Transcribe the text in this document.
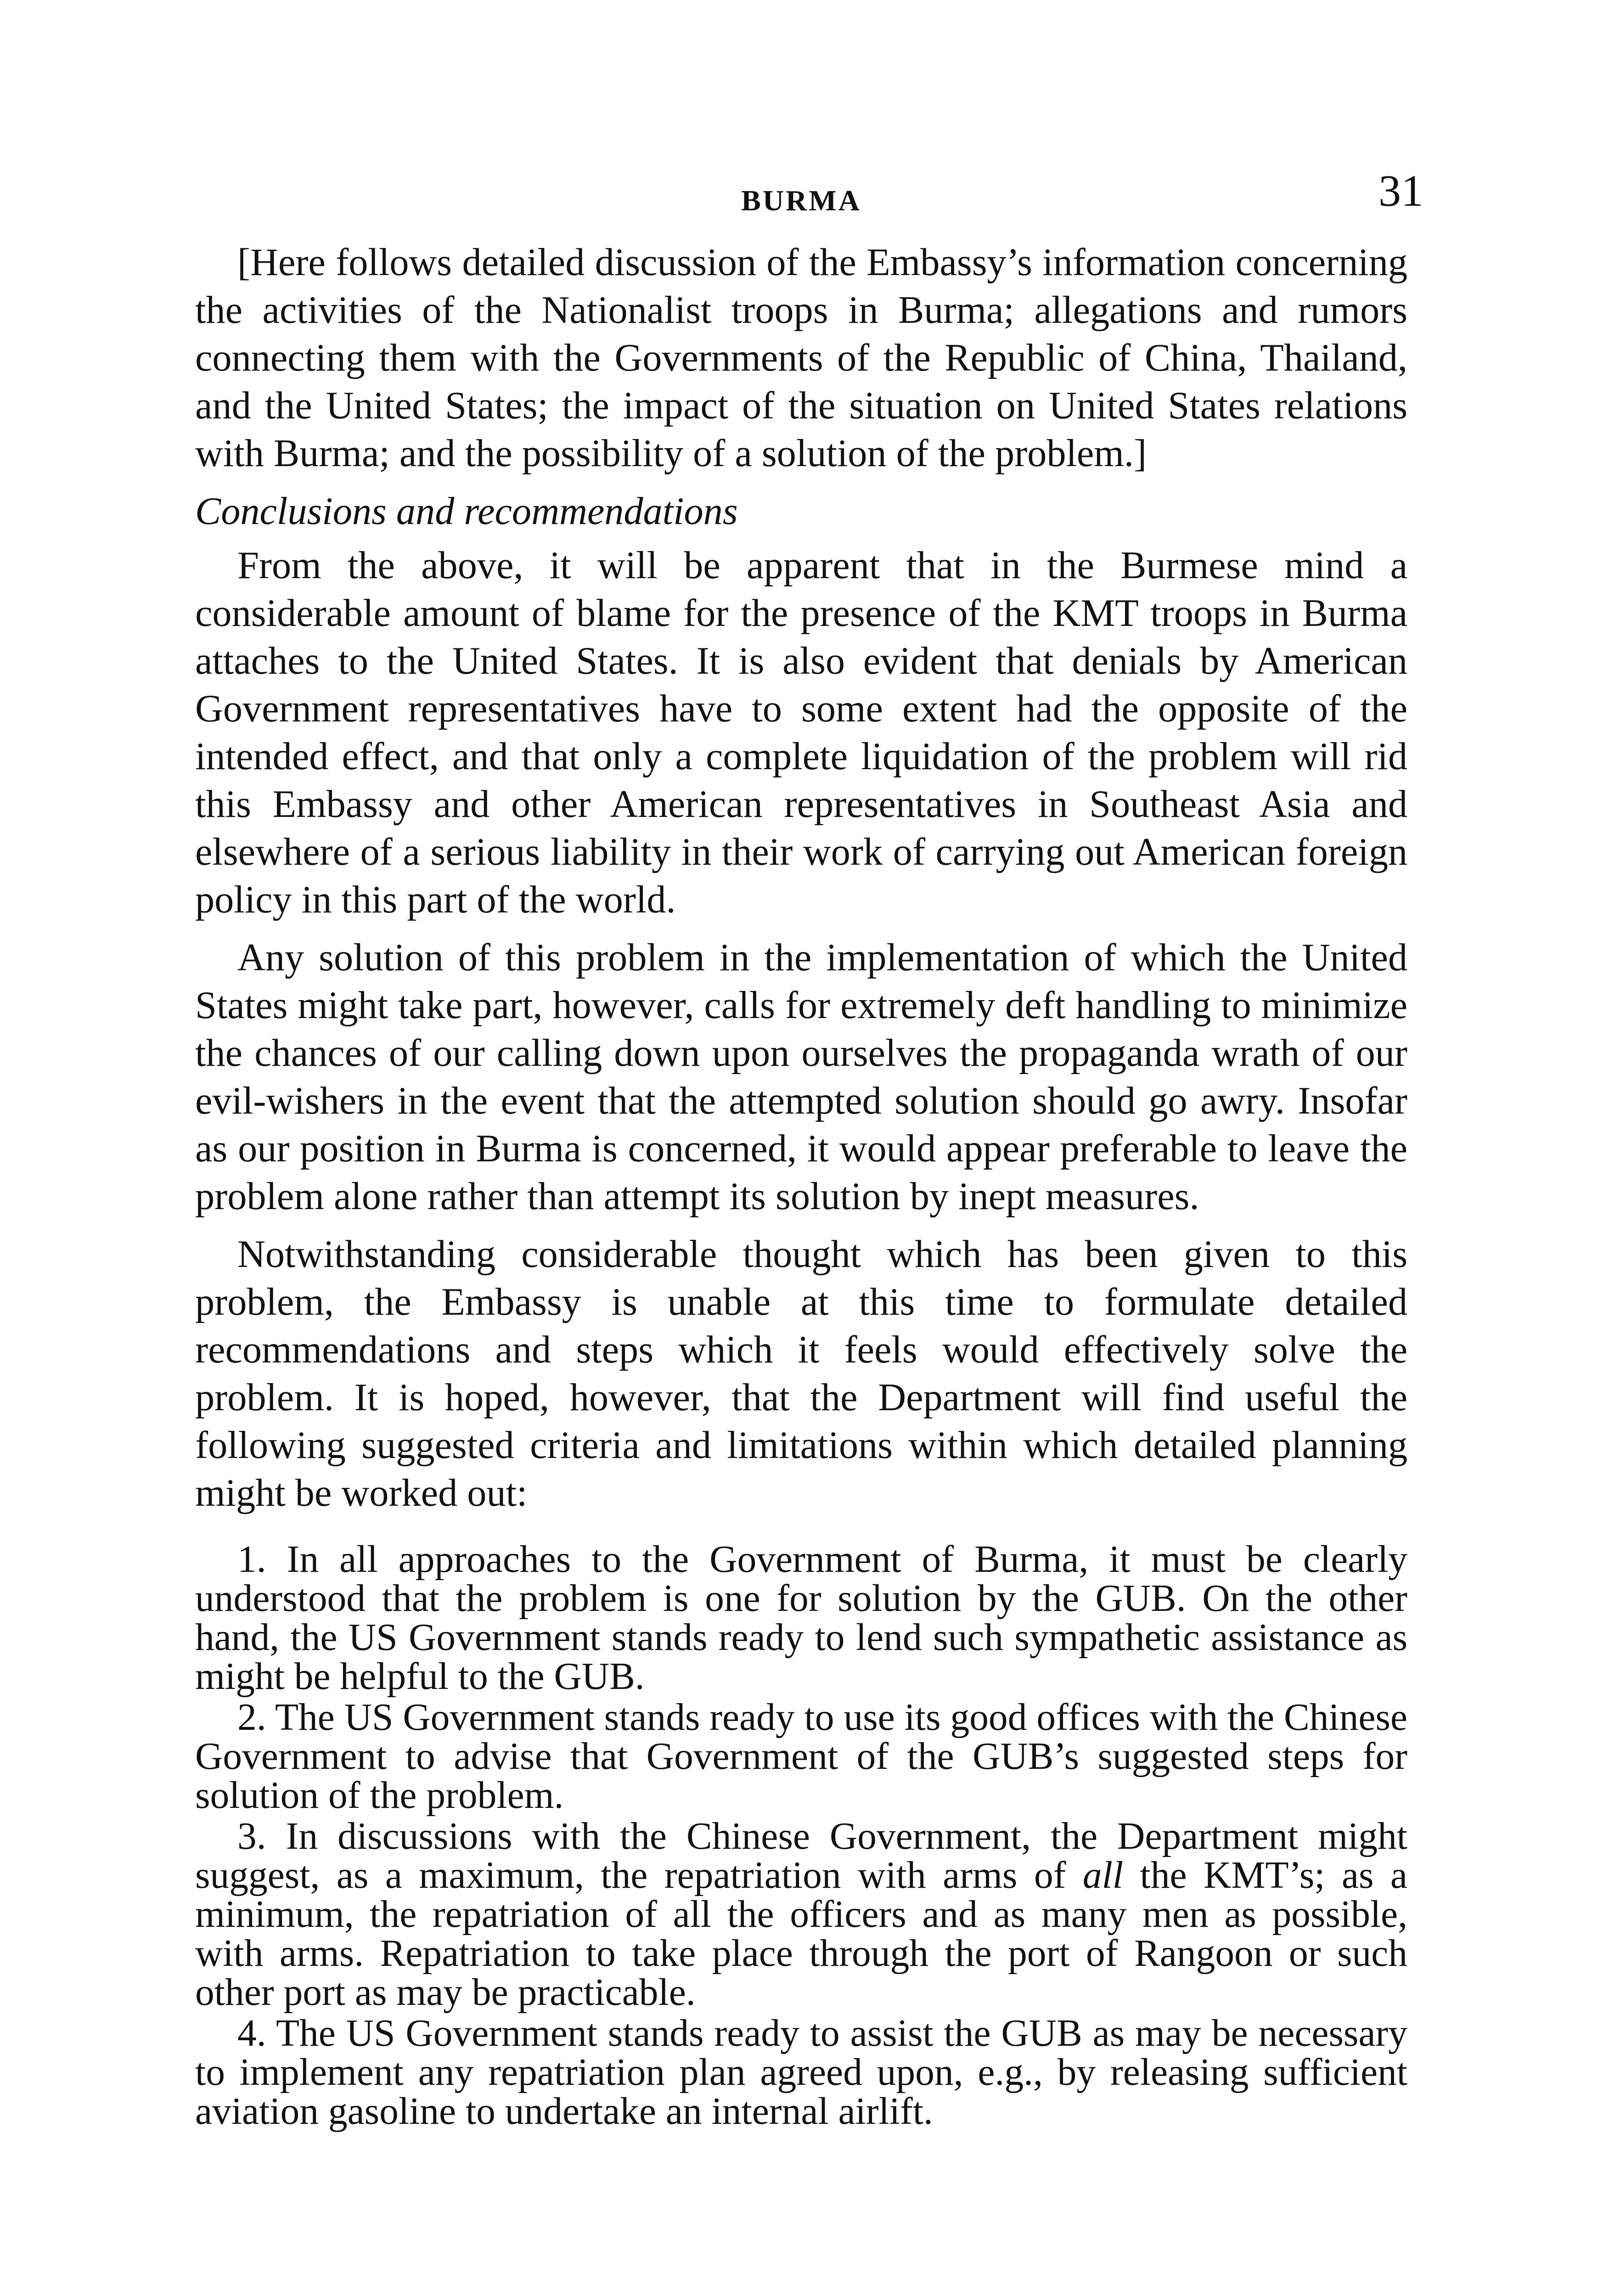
BURMA	31

[Here follows detailed discussion of the Embassy’s information concerning the activities of the Nationalist troops in Burma; allegations and rumors connecting them with the Governments of the Republic of China, Thailand, and the United States; the impact of the situation on United States relations with Burma; and the possibility of a solution of the problem.]

Conclusions and recommendations

From the above, it will be apparent that in the Burmese mind a considerable amount of blame for the presence of the KMT troops in Burma attaches to the United States. It is also evident that denials by American Government representatives have to some extent had the opposite of the intended effect, and that only a complete liquidation of the problem will rid this Embassy and other American representatives in Southeast Asia and elsewhere of a serious liability in their work of carrying out American foreign policy in this part of the world.

Any solution of this problem in the implementation of which the United States might take part, however, calls for extremely deft handling to minimize the chances of our calling down upon ourselves the propaganda wrath of our evil-wishers in the event that the attempted solution should go awry. Insofar as our position in Burma is concerned, it would appear preferable to leave the problem alone rather than attempt its solution by inept measures.

Notwithstanding considerable thought which has been given to this problem, the Embassy is unable at this time to formulate detailed recommendations and steps which it feels would effectively solve the problem. It is hoped, however, that the Department will find useful the following suggested criteria and limitations within which detailed planning might be worked out:

1. In all approaches to the Government of Burma, it must be clearly understood that the problem is one for solution by the GUB. On the other hand, the US Government stands ready to lend such sympathetic assistance as might be helpful to the GUB.

2. The US Government stands ready to use its good offices with the Chinese Government to advise that Government of the GUB’s suggested steps for solution of the problem.

3. In discussions with the Chinese Government, the Department might suggest, as a maximum, the repatriation with arms of all the KMT’s; as a minimum, the repatriation of all the officers and as many men as possible, with arms. Repatriation to take place through the port of Rangoon or such other port as may be practicable.

4. The US Government stands ready to assist the GUB as may be necessary to implement any repatriation plan agreed upon, e.g., by releasing sufficient aviation gasoline to undertake an internal airlift.
